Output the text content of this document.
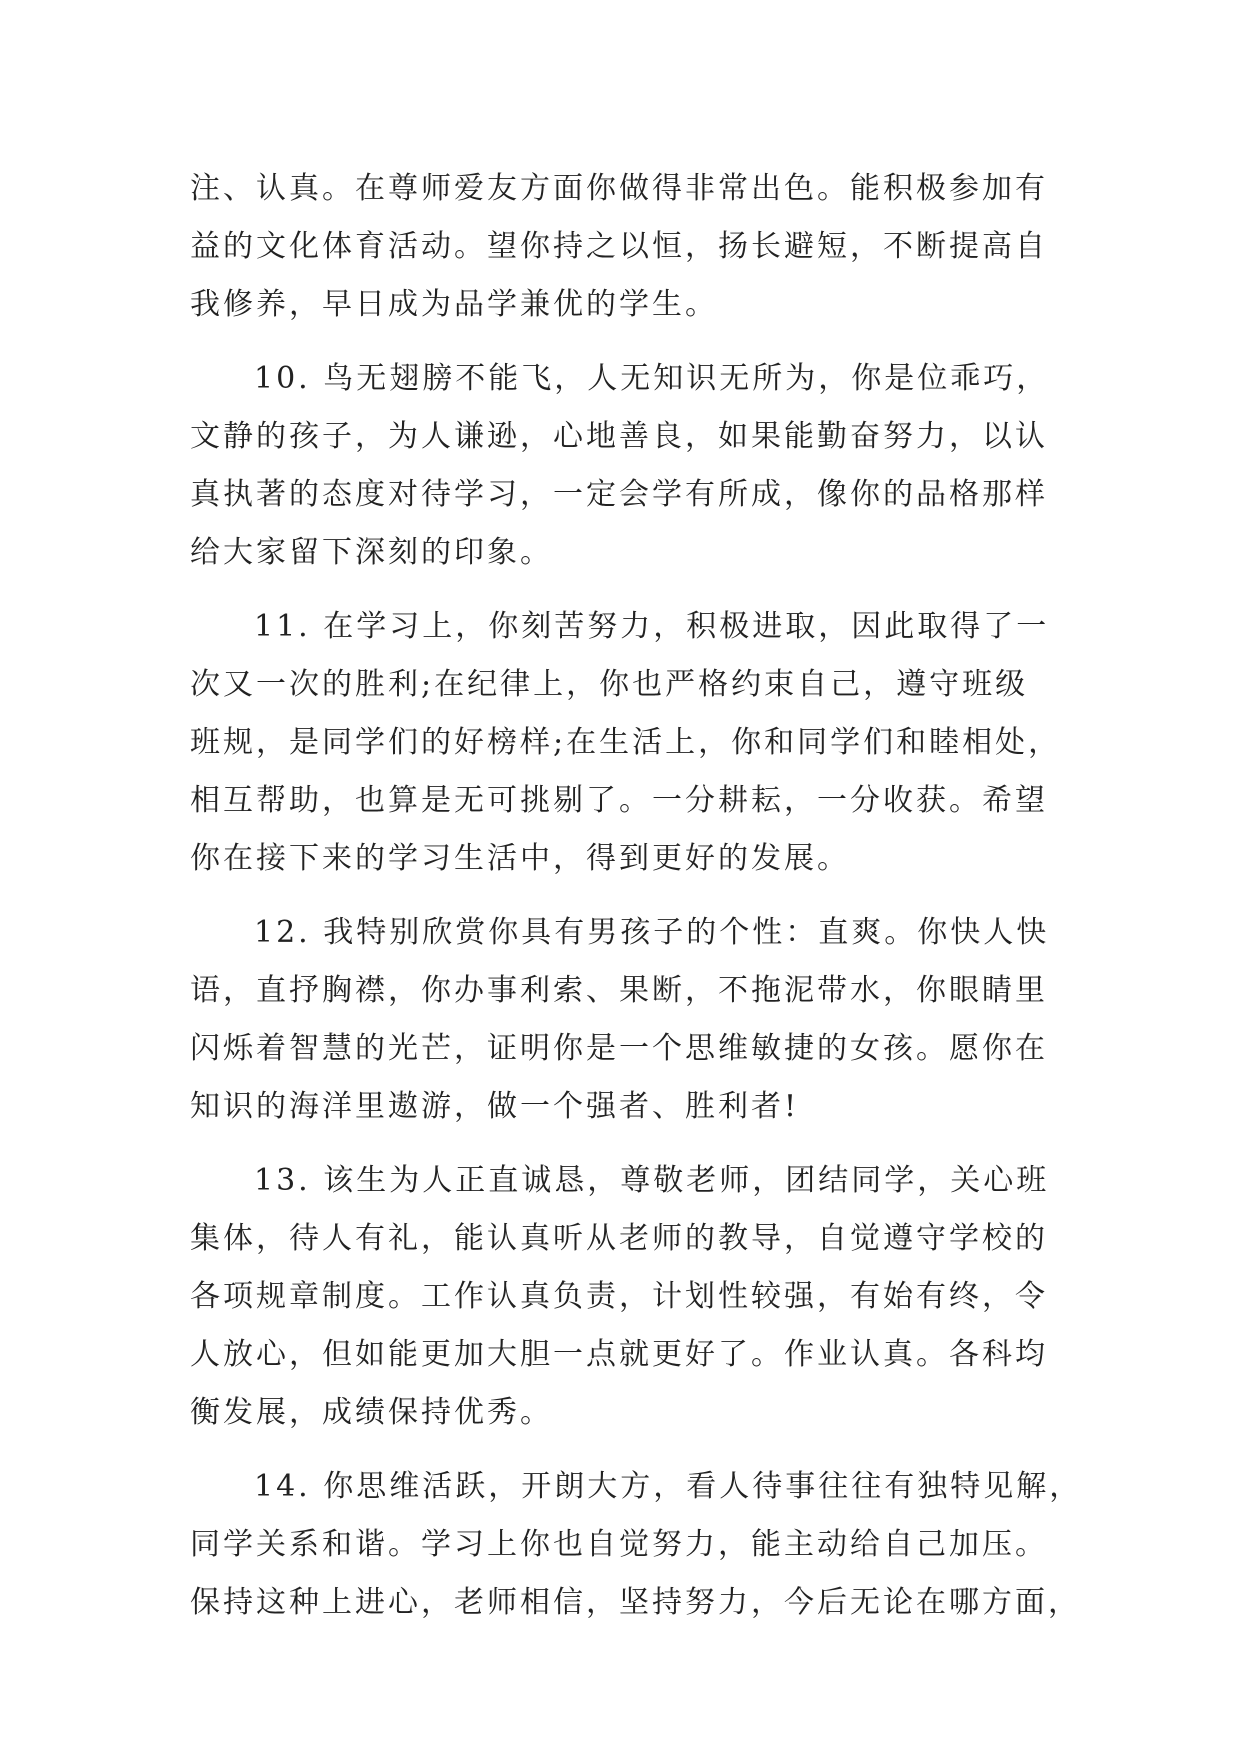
注、认真。在尊师爱友方面你做得非常出色。能积极参加有
益的文化体育活动。望你持之以恒，扬长避短，不断提高自
我修养，早日成为品学兼优的学生。
10. 鸟无翅膀不能飞，人无知识无所为，你是位乖巧，
文静的孩子，为人谦逊，心地善良，如果能勤奋努力，以认
真执著的态度对待学习，一定会学有所成，像你的品格那样
给大家留下深刻的印象。
11. 在学习上，你刻苦努力，积极进取，因此取得了一
次又一次的胜利;在纪律上，你也严格约束自己，遵守班级
班规，是同学们的好榜样;在生活上，你和同学们和睦相处，
相互帮助，也算是无可挑剔了。一分耕耘，一分收获。希望
你在接下来的学习生活中，得到更好的发展。
12. 我特别欣赏你具有男孩子的个性：直爽。你快人快
语，直抒胸襟，你办事利索、果断，不拖泥带水，你眼睛里
闪烁着智慧的光芒，证明你是一个思维敏捷的女孩。愿你在
知识的海洋里遨游，做一个强者、胜利者!
13. 该生为人正直诚恳，尊敬老师，团结同学，关心班
集体，待人有礼，能认真听从老师的教导，自觉遵守学校的
各项规章制度。工作认真负责，计划性较强，有始有终，令
人放心，但如能更加大胆一点就更好了。作业认真。各科均
衡发展，成绩保持优秀。
14. 你思维活跃，开朗大方，看人待事往往有独特见解，
同学关系和谐。学习上你也自觉努力，能主动给自己加压。
保持这种上进心，老师相信，坚持努力，今后无论在哪方面，
